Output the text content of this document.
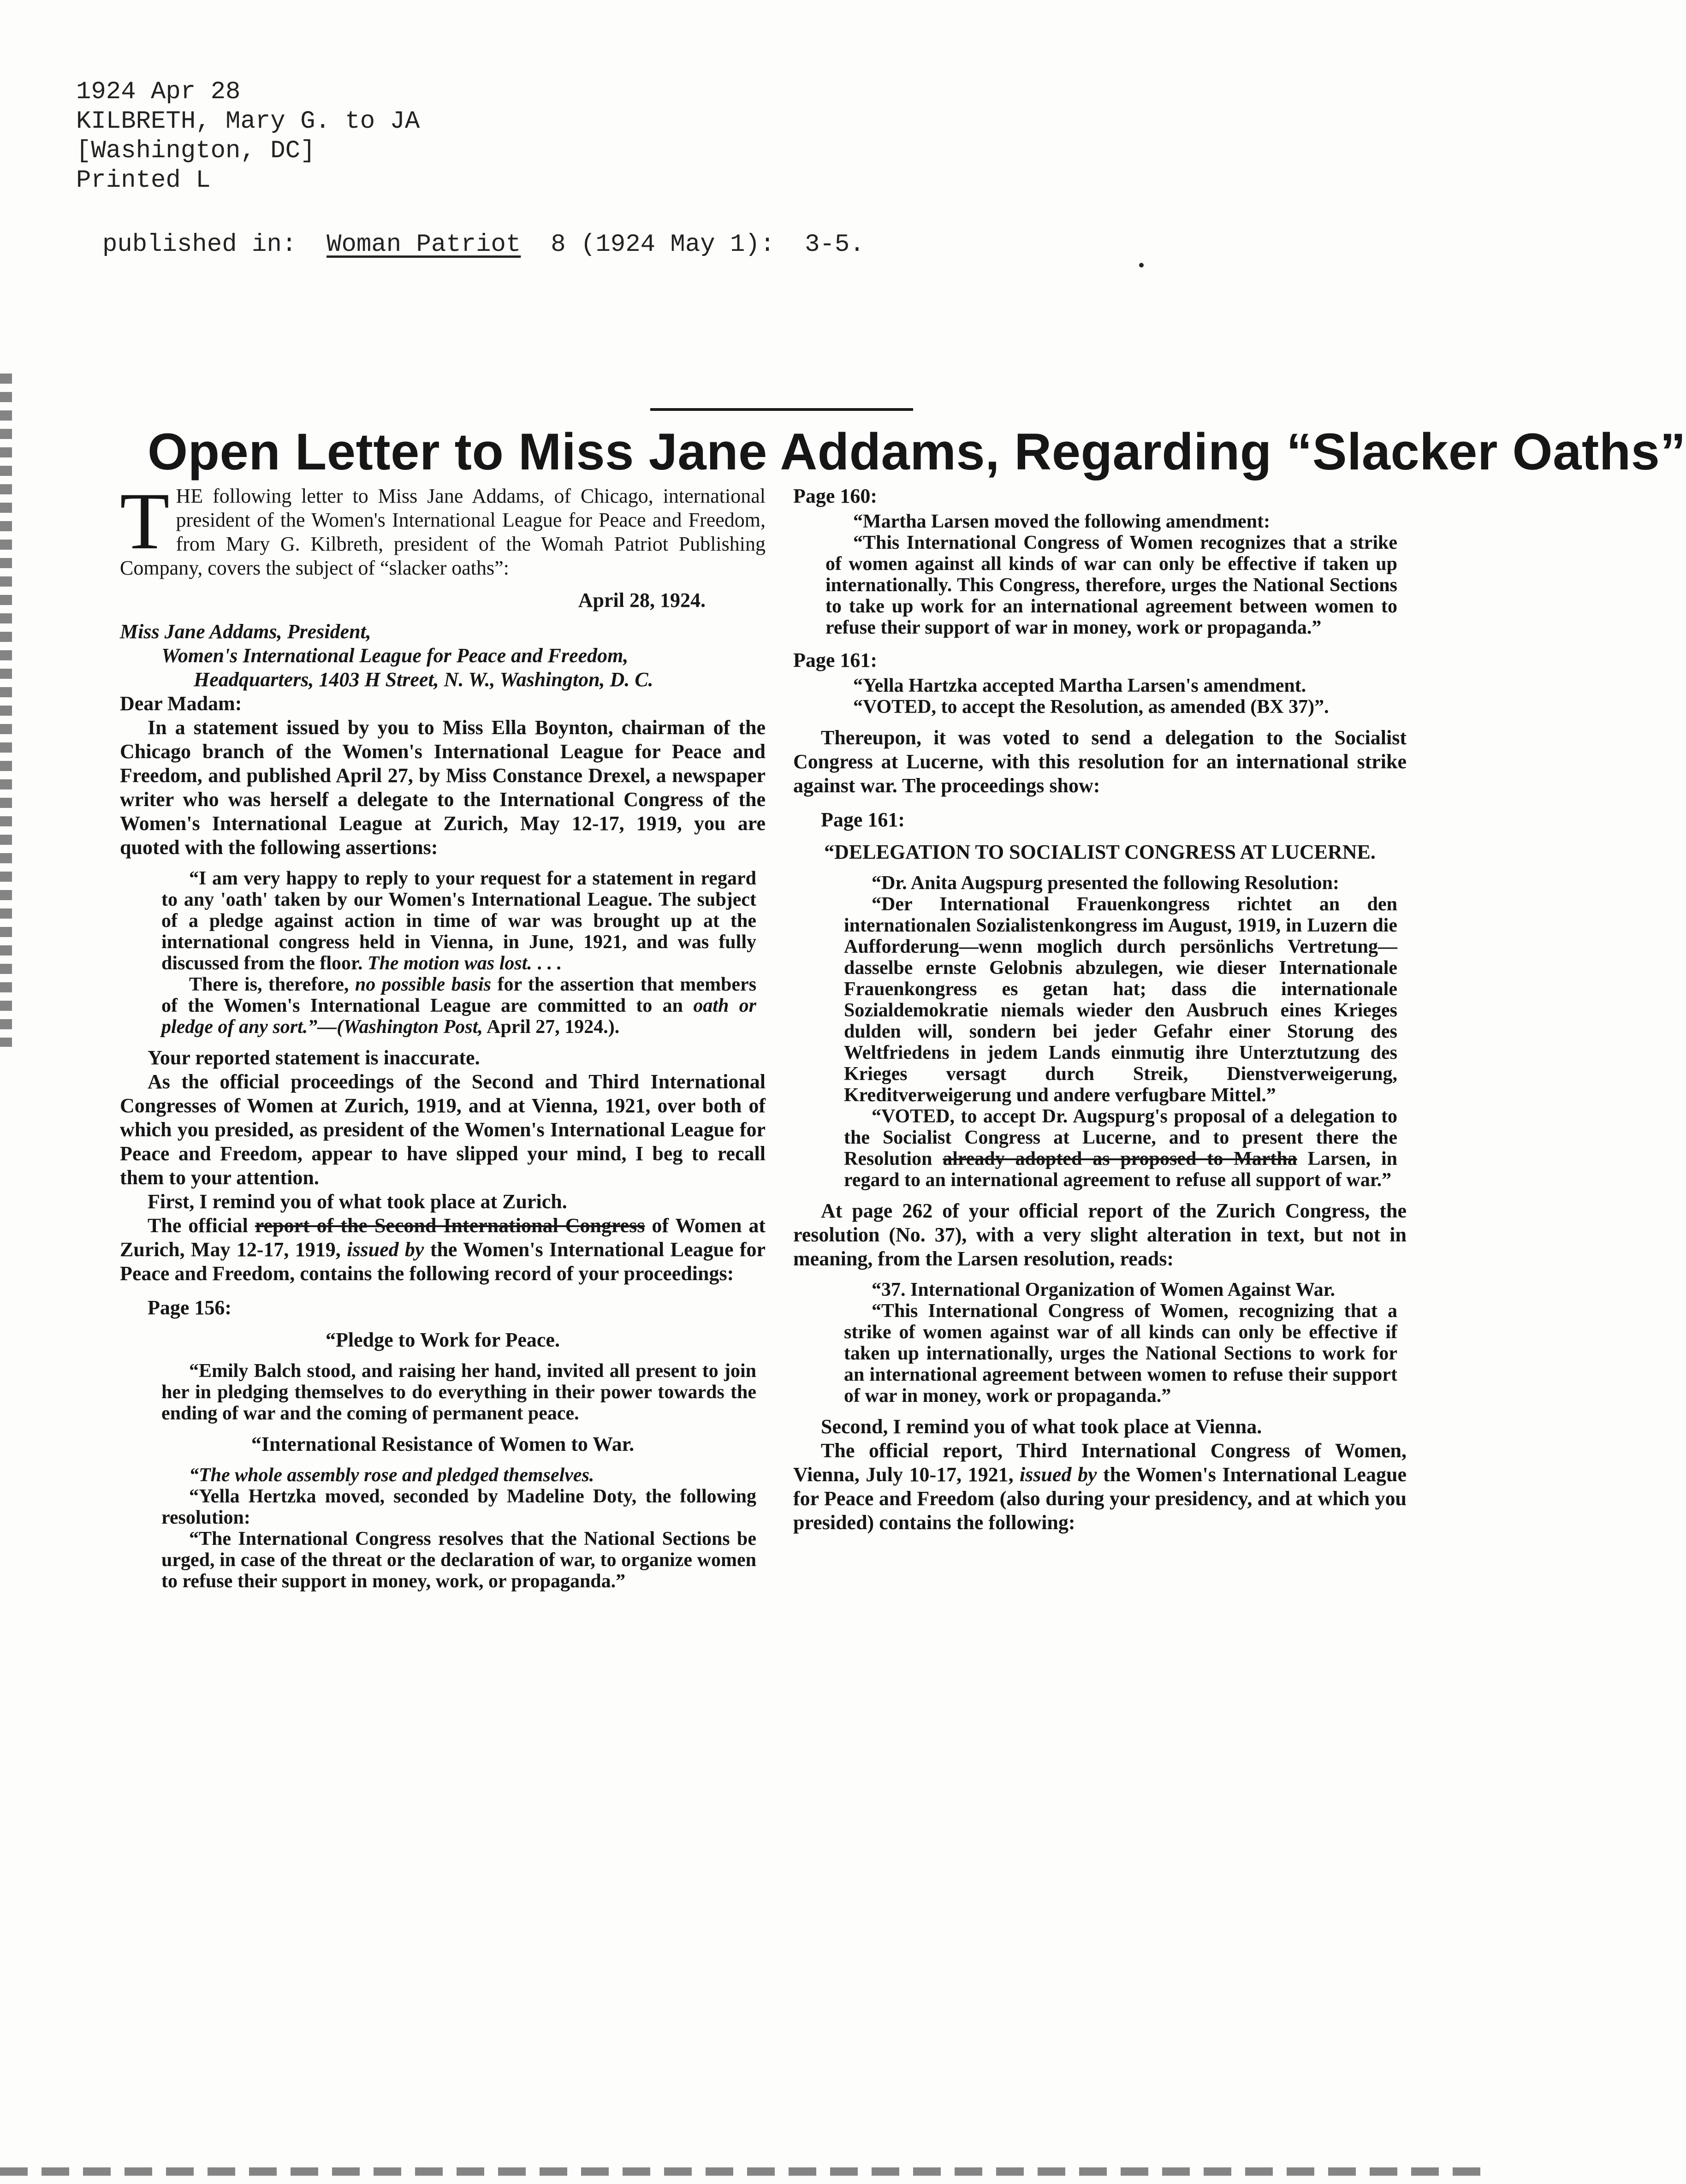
1924 Apr 28
KILBRETH, Mary G. to JA
[Washington, DC]
Printed L
published in: Woman Patriot 8 (1924 May 1):  3-5.
Open Letter to Miss Jane Addams, Regarding “Slacker Oaths”

THE following letter to Miss Jane Addams, of Chicago, international president of the Women's International League for Peace and Freedom, from Mary G. Kilbreth, president of the Womah Patriot Publishing Company, covers the subject of “slacker oaths”:

April 28, 1924.

Miss Jane Addams, President,

Women's International League for Peace and Freedom,

Headquarters, 1403 H Street, N. W., Washington, D. C.

Dear Madam:

In a statement issued by you to Miss Ella Boynton, chairman of the Chicago branch of the Women's International League for Peace and Freedom, and published April 27, by Miss Constance Drexel, a newspaper writer who was herself a delegate to the International Congress of the Women's International League at Zurich, May 12-17, 1919, you are quoted with the following assertions:

“I am very happy to reply to your request for a statement in regard to any 'oath' taken by our Women's International League. The subject of a pledge against action in time of war was brought up at the international congress held in Vienna, in June, 1921, and was fully discussed from the floor. The motion was lost. . . .

There is, therefore, no possible basis for the assertion that members of the Women's International League are committed to an oath or pledge of any sort.”—(Washington Post, April 27, 1924.).

Your reported statement is inaccurate.

As the official proceedings of the Second and Third International Congresses of Women at Zurich, 1919, and at Vienna, 1921, over both of which you presided, as president of the Women's International League for Peace and Freedom, appear to have slipped your mind, I beg to recall them to your attention.

First, I remind you of what took place at Zurich.

The official report of the Second International Congress of Women at Zurich, May 12-17, 1919, issued by the Women's International League for Peace and Freedom, contains the following record of your proceedings:

Page 156:

“Pledge to Work for Peace.

“Emily Balch stood, and raising her hand, invited all present to join her in pledging themselves to do everything in their power towards the ending of war and the coming of permanent peace.

“International Resistance of Women to War.

“The whole assembly rose and pledged themselves.

“Yella Hertzka moved, seconded by Madeline Doty, the following resolution:

“The International Congress resolves that the National Sections be urged, in case of the threat or the declaration of war, to organize women to refuse their support in money, work, or propaganda.”

Page 160:

“Martha Larsen moved the following amendment:

“This International Congress of Women recognizes that a strike of women against all kinds of war can only be effective if taken up internationally. This Congress, therefore, urges the National Sections to take up work for an international agreement between women to refuse their support of war in money, work or propaganda.”

Page 161:

“Yella Hartzka accepted Martha Larsen's amendment.

“VOTED, to accept the Resolution, as amended (BX 37)”.

Thereupon, it was voted to send a delegation to the Socialist Congress at Lucerne, with this resolution for an international strike against war. The proceedings show:

Page 161:

“DELEGATION TO SOCIALIST CONGRESS AT LUCERNE.

“Dr. Anita Augspurg presented the following Resolution:

“Der International Frauenkongress richtet an den internationalen Sozialistenkongress im August, 1919, in Luzern die Aufforderung—wenn moglich durch persönlichs Vertretung—dasselbe ernste Gelobnis abzulegen, wie dieser Internationale Frauenkongress es getan hat; dass die internationale Sozialdemokratie niemals wieder den Ausbruch eines Krieges dulden will, sondern bei jeder Gefahr einer Storung des Weltfriedens in jedem Lands einmutig ihre Unterztutzung des Krieges versagt durch Streik, Dienstverweigerung, Kreditverweigerung und andere verfugbare Mittel.”

“VOTED, to accept Dr. Augspurg's proposal of a delegation to the Socialist Congress at Lucerne, and to present there the Resolution already adopted as proposed to Martha Larsen, in regard to an international agreement to refuse all support of war.”

At page 262 of your official report of the Zurich Congress, the resolution (No. 37), with a very slight alteration in text, but not in meaning, from the Larsen resolution, reads:

“37. International Organization of Women Against War.

“This International Congress of Women, recognizing that a strike of women against war of all kinds can only be effective if taken up internationally, urges the National Sections to work for an international agreement between women to refuse their support of war in money, work or propaganda.”

Second, I remind you of what took place at Vienna.

The official report, Third International Congress of Women, Vienna, July 10-17, 1921, issued by the Women's International League for Peace and Freedom (also during your presidency, and at which you presided) contains the following:
